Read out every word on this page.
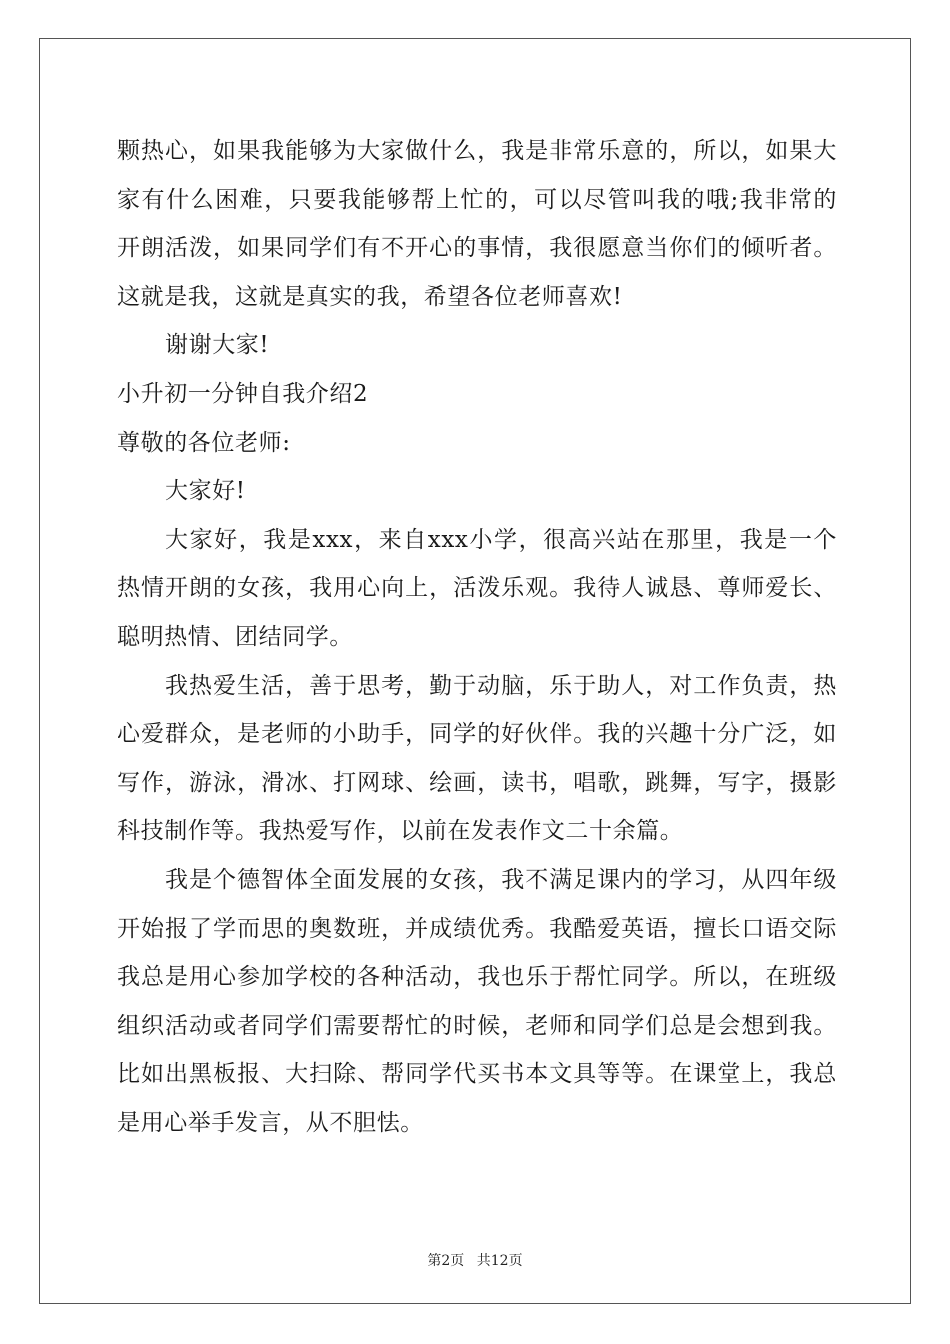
颗热心，如果我能够为大家做什么，我是非常乐意的，所以，如果大
家有什么困难，只要我能够帮上忙的，可以尽管叫我的哦;我非常的
开朗活泼，如果同学们有不开心的事情，我很愿意当你们的倾听者。
这就是我，这就是真实的我，希望各位老师喜欢!
谢谢大家!
小升初一分钟自我介绍2
尊敬的各位老师:
大家好!
大家好，我是xxx，来自xxx小学，很高兴站在那里，我是一个
热情开朗的女孩，我用心向上，活泼乐观。我待人诚恳、尊师爱长、
聪明热情、团结同学。
我热爱生活，善于思考，勤于动脑，乐于助人，对工作负责，热
心爱群众，是老师的小助手，同学的好伙伴。我的兴趣十分广泛，如
写作，游泳，滑冰、打网球、绘画，读书，唱歌，跳舞，写字，摄影
科技制作等。我热爱写作，以前在发表作文二十余篇。
我是个德智体全面发展的女孩，我不满足课内的学习，从四年级
开始报了学而思的奥数班，并成绩优秀。我酷爱英语，擅长口语交际
我总是用心参加学校的各种活动，我也乐于帮忙同学。所以，在班级
组织活动或者同学们需要帮忙的时候，老师和同学们总是会想到我。
比如出黑板报、大扫除、帮同学代买书本文具等等。在课堂上，我总
是用心举手发言，从不胆怯。
第2页 共12页
